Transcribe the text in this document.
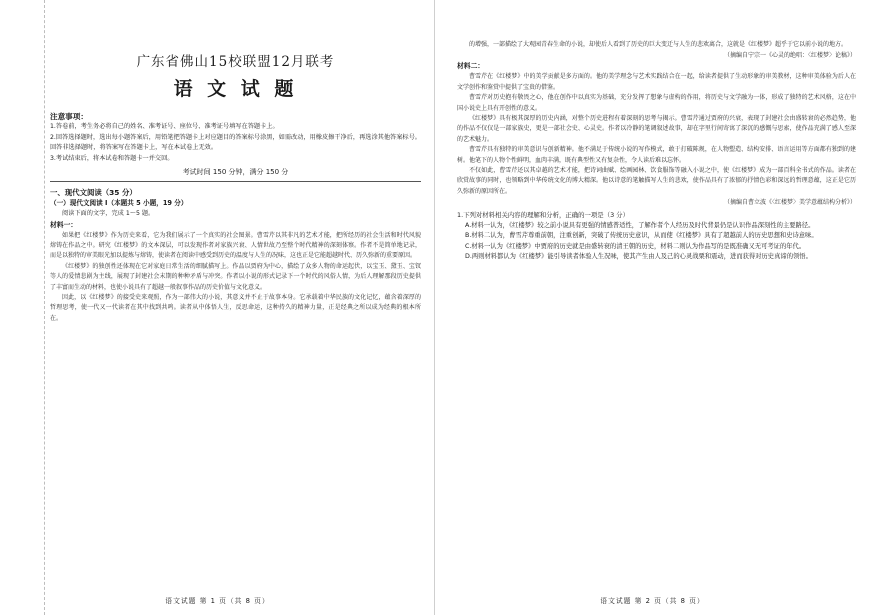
广东省佛山15校联盟12月联考
语 文 试 题
注意事项：
1.答卷前，考生务必将自己的姓名、准考证号、座位号、准考证号填写在答题卡上。
2.回答选择题时，选出每小题答案后，用铅笔把答题卡上对应题目的答案标号涂黑，如需改动，用橡皮擦干净后，再选涂其他答案标号。回答非选择题时，将答案写在答题卡上，写在本试卷上无效。
3.考试结束后，将本试卷和答题卡一并交回。
考试时间 150 分钟，满分 150 分
一、现代文阅读（35 分）
（一）现代文阅读 I（本题共 5 小题，19 分）
阅读下面的文字，完成 1～5 题。
材料一：

如果把《红楼梦》作为历史来看，它为我们展示了一个真实的社会图景。曹雪芹以其非凡的艺术才能，把所经历的社会生活和时代风貌熔铸在作品之中。研究《红楼梦》的文本深层，可以发现作者对家族兴衰、人情世故乃至整个时代精神的深刻体察。作者不是简单地记录，而是以独特的审美眼光加以提炼与熔铸，使读者在阅读中感受到历史的温度与人生的况味，这也正是它能超越时代、历久弥新的重要原因。

《红楼梦》的独创性还体现在它对家庭日常生活的细腻描写上。作品以贾府为中心，描绘了众多人物的命运起伏，以宝玉、黛玉、宝钗等人的爱情悲剧为主线，展现了封建社会末期的种种矛盾与冲突。作者以小说的形式记录下一个时代的风俗人情，为后人理解那段历史提供了丰富而生动的材料，也使小说具有了超越一般叙事作品的历史价值与文化意义。

因此，以《红楼梦》的接受史来观照，作为一部伟大的小说，其意义并不止于故事本身。它承载着中华民族的文化记忆，蕴含着深厚的哲理思考，使一代又一代读者在其中找到共鸣。读者从中体悟人生，反思命运，这种持久的精神力量，正是经典之所以成为经典的根本所在。

语文试题 第 1 页（共 8 页）

的增强，一部描绘了大观园青春生命的小说，却使后人看到了历史的巨大变迁与人生的悲欢离合，这就是《红楼梦》超乎于它以前小说的地方。

（摘编自宁宗一《心灵的绝唱：〈红楼梦〉论稿》）
材料二：

曹雪芹在《红楼梦》中的美学贡献是多方面的。他的美学理念与艺术实践结合在一起，给读者提供了生动形象的审美教材，这种审美体验为后人在文学创作和鉴赏中提供了宝贵的借鉴。

曹雪芹对历史抱有敬畏之心，他在创作中以真实为基础，充分发挥了想象与虚构的作用，将历史与文学融为一体，形成了独特的艺术风格，这在中国小说史上具有开创性的意义。

《红楼梦》具有极其深厚的历史内涵，对整个历史进程有着深刻的思考与揭示。曹雪芹通过贾府的兴衰，表现了封建社会由盛转衰的必然趋势，他的作品不仅仅是一部家族史，更是一部社会史、心灵史。作者以冷静的笔调叙述故事，却在字里行间寄寓了深沉的感慨与思索，使作品充满了感人至深的艺术魅力。

曹雪芹具有独特的审美意识与创新精神。他不满足于传统小说的写作模式，敢于打破陈规，在人物塑造、结构安排、语言运用等方面都有独到的建树。他笔下的人物个性鲜明，血肉丰满，既有典型性又有复杂性，令人读后难以忘怀。

不仅如此，曹雪芹还以其卓越的艺术才能，把诗词曲赋、绘画园林、饮食服饰等融入小说之中，使《红楼梦》成为一部百科全书式的作品。读者在欣赏故事的同时，也领略到中华传统文化的博大精深。他以诗意的笔触描写人生的悲欢，使作品具有了浓郁的抒情色彩和深远的哲理意蕴，这正是它历久弥新的原因所在。

（摘编自曹立波《〈红楼梦〉美学意蕴结构分析》）
1.下列对材料相关内容的理解和分析，正确的一项是（3 分）
A.材料一认为，《红楼梦》较之前小说具有更强的情感普适性，了解作者个人经历及时代背景仍是认识作品深刻性的主要路径。
B.材料二认为，曹雪芹尊重前朝，注重创新，突破了传统历史意识，从而使《红楼梦》具有了超越前人的历史思想和史诗意味。
C.材料一认为《红楼梦》中贾府的历史就是由盛转衰的清王朝的历史，材料二则认为作品写的是既准确又无可考证的年代。
D.两则材料都认为《红楼梦》能引导读者体验人生况味，使其产生由人及己的心灵战栗和震动，进而获得对历史真谛的领悟。
语文试题 第 2 页（共 8 页）
